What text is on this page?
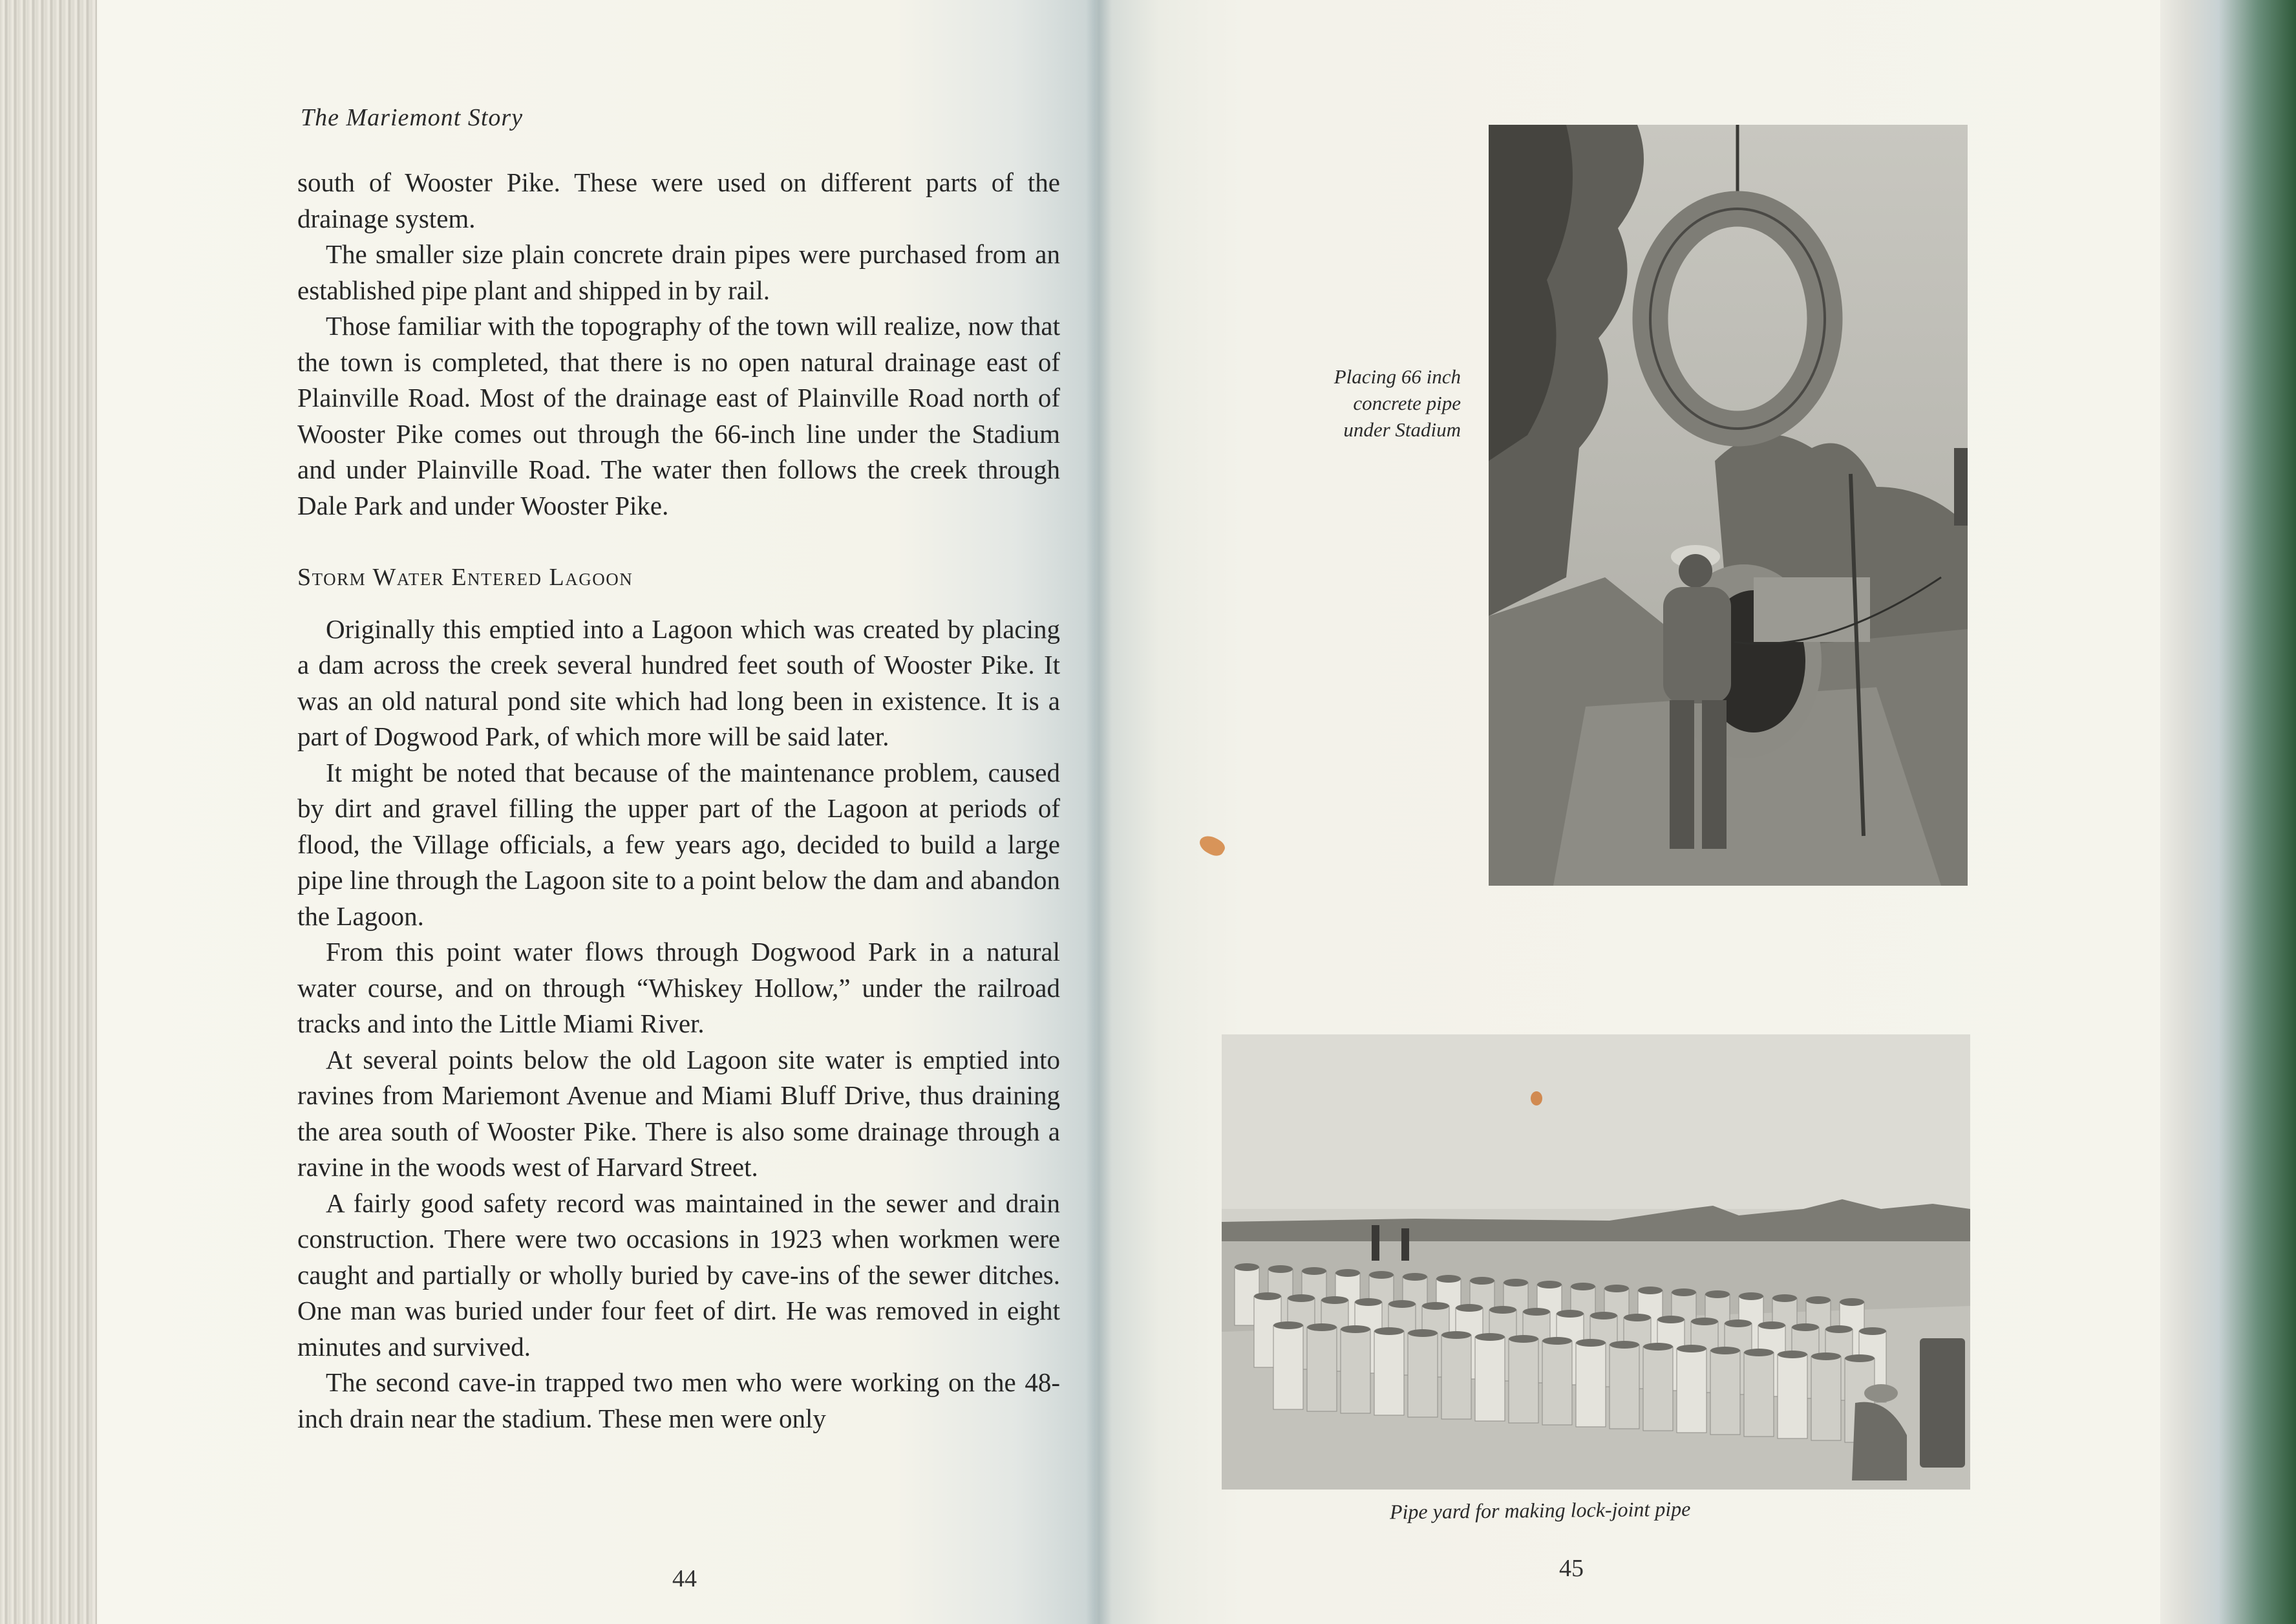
The Mariemont Story

south of Wooster Pike. These were used on different parts of the drainage system.

The smaller size plain concrete drain pipes were purchased from an established pipe plant and shipped in by rail.

Those familiar with the topography of the town will realize, now that the town is completed, that there is no open natural drainage east of Plainville Road. Most of the drainage east of Plainville Road north of Wooster Pike comes out through the 66-inch line under the Stadium and under Plainville Road. The water then follows the creek through Dale Park and under Wooster Pike.

Storm Water Entered Lagoon

Originally this emptied into a Lagoon which was created by placing a dam across the creek several hundred feet south of Wooster Pike. It was an old natural pond site which had long been in existence. It is a part of Dogwood Park, of which more will be said later.

It might be noted that because of the maintenance problem, caused by dirt and gravel filling the upper part of the Lagoon at periods of flood, the Village officials, a few years ago, decided to build a large pipe line through the Lagoon site to a point below the dam and abandon the Lagoon.

From this point water flows through Dogwood Park in a natural water course, and on through “Whiskey Hollow,” under the railroad tracks and into the Little Miami River.

At several points below the old Lagoon site water is emptied into ravines from Mariemont Avenue and Miami Bluff Drive, thus draining the area south of Wooster Pike. There is also some drainage through a ravine in the woods west of Harvard Street.

A fairly good safety record was maintained in the sewer and drain construction. There were two occasions in 1923 when workmen were caught and partially or wholly buried by cave-ins of the sewer ditches. One man was buried under four feet of dirt. He was removed in eight minutes and survived.

The second cave-in trapped two men who were working on the 48-inch drain near the stadium. These men were only

44
Placing 66 inch
concrete pipe
under Stadium
Pipe yard for making lock-joint pipe
45
